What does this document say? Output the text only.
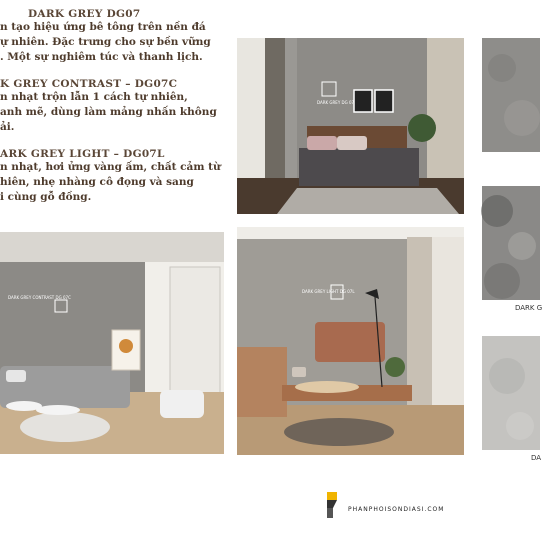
DARK GREY DG07
n tạo hiệu ứng bê tông trên nền đá
ự nhiên. Đặc trưng cho sự bền vững
. Một sự nghiêm túc và thanh lịch.
K GREY CONTRAST – DG07C
n nhạt trộn lẫn 1 cách tự nhiên,
anh mẽ, dùng làm mảng nhấn không
ải.
ARK GREY LIGHT – DG07L
n nhạt, hơi ửng vàng ấm, chất cảm từ
hiên, nhẹ nhàng cô đọng và sang
i cùng gỗ đồng.
DARK GREY DG 07
DARK GREY CONTRAST DG 07C
DARK GREY LIGHT DG 07L
DARK G
DA
PHANPHOISONDIASI.COM
